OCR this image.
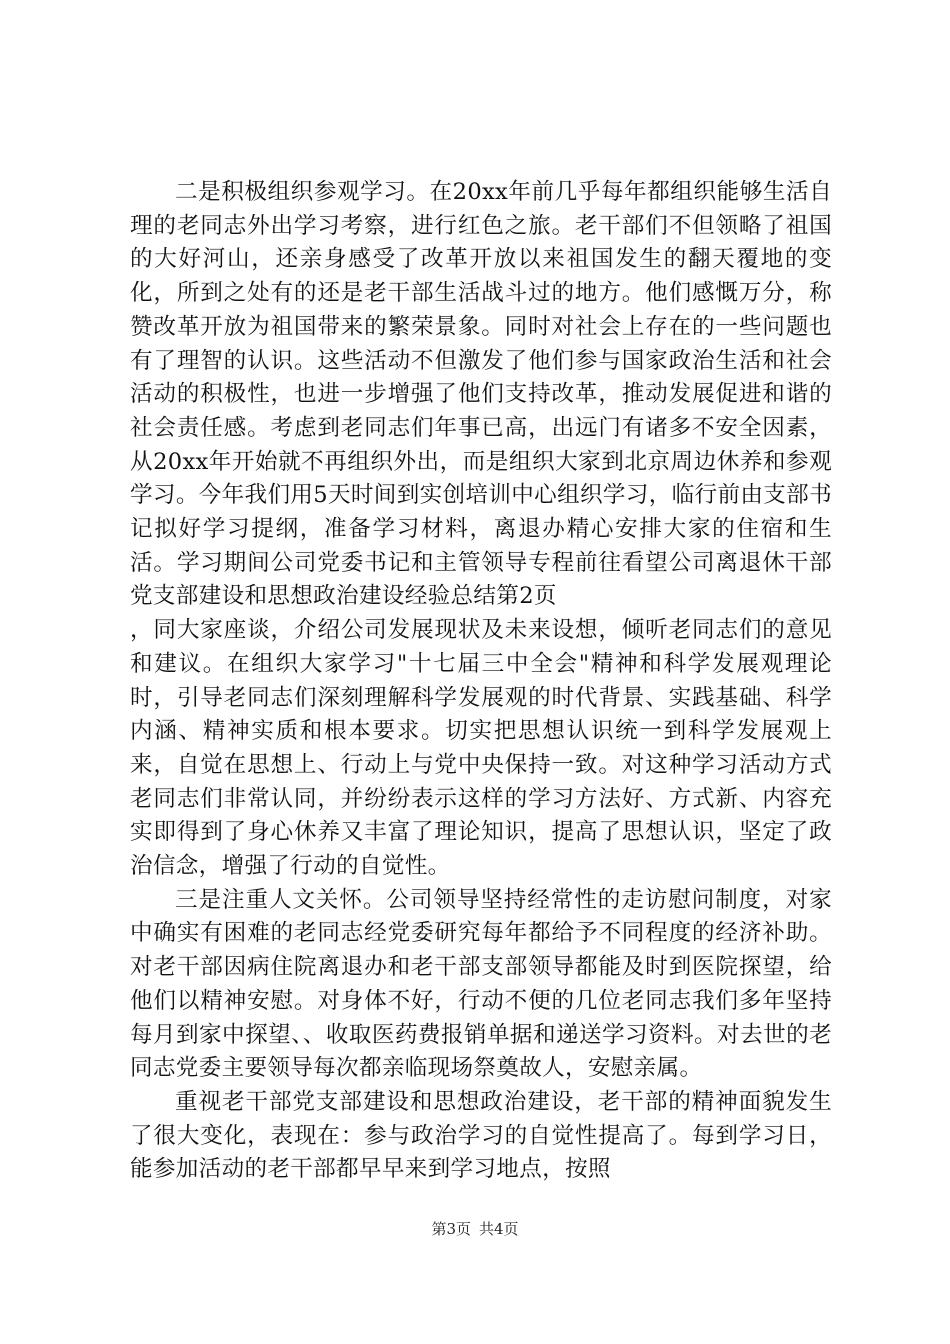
二是积极组织参观学习。在20xx年前几乎每年都组织能够生活自理的老同志外出学习考察，进行红色之旅。老干部们不但领略了祖国的大好河山，还亲身感受了改革开放以来祖国发生的翻天覆地的变化，所到之处有的还是老干部生活战斗过的地方。他们感慨万分，称赞改革开放为祖国带来的繁荣景象。同时对社会上存在的一些问题也有了理智的认识。这些活动不但激发了他们参与国家政治生活和社会活动的积极性，也进一步增强了他们支持改革，推动发展促进和谐的社会责任感。考虑到老同志们年事已高，出远门有诸多不安全因素，从20xx年开始就不再组织外出，而是组织大家到北京周边休养和参观学习。今年我们用5天时间到实创培训中心组织学习，临行前由支部书记拟好学习提纲，准备学习材料，离退办精心安排大家的住宿和生活。学习期间公司党委书记和主管领导专程前往看望公司离退休干部党支部建设和思想政治建设经验总结第2页

，同大家座谈，介绍公司发展现状及未来设想，倾听老同志们的意见和建议。在组织大家学习"十七届三中全会"精神和科学发展观理论时，引导老同志们深刻理解科学发展观的时代背景、实践基础、科学内涵、精神实质和根本要求。切实把思想认识统一到科学发展观上来，自觉在思想上、行动上与党中央保持一致。对这种学习活动方式老同志们非常认同，并纷纷表示这样的学习方法好、方式新、内容充实即得到了身心休养又丰富了理论知识，提高了思想认识，坚定了政治信念，增强了行动的自觉性。

三是注重人文关怀。公司领导坚持经常性的走访慰问制度，对家中确实有困难的老同志经党委研究每年都给予不同程度的经济补助。对老干部因病住院离退办和老干部支部领导都能及时到医院探望，给他们以精神安慰。对身体不好，行动不便的几位老同志我们多年坚持每月到家中探望、、收取医药费报销单据和递送学习资料。对去世的老同志党委主要领导每次都亲临现场祭奠故人，安慰亲属。

重视老干部党支部建设和思想政治建设，老干部的精神面貌发生了很大变化，表现在：参与政治学习的自觉性提高了。每到学习日，能参加活动的老干部都早早来到学习地点，按照

第3页 共4页
